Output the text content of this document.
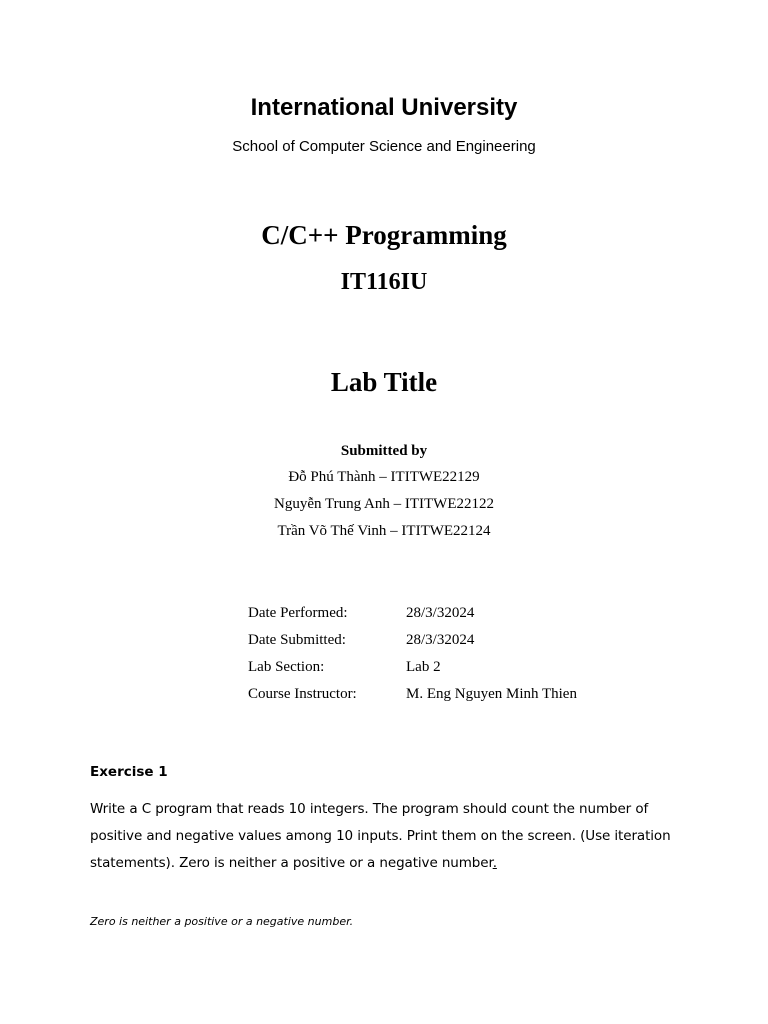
International University
School of Computer Science and Engineering
C/C++ Programming
IT116IU
Lab Title
Submitted by
Đỗ Phú Thành – ITITWE22129
Nguyễn Trung Anh – ITITWE22122
Trần Võ Thế Vinh – ITITWE22124
Date Performed:	28/3/32024
Date Submitted:	28/3/32024
Lab Section:	Lab 2
Course Instructor:	M. Eng Nguyen Minh Thien
Exercise 1
Write a C program that reads 10 integers. The program should count the number of
positive and negative values among 10 inputs. Print them on the screen. (Use iteration
statements). Zero is neither a positive or a negative number.
Zero is neither a positive or a negative number.
